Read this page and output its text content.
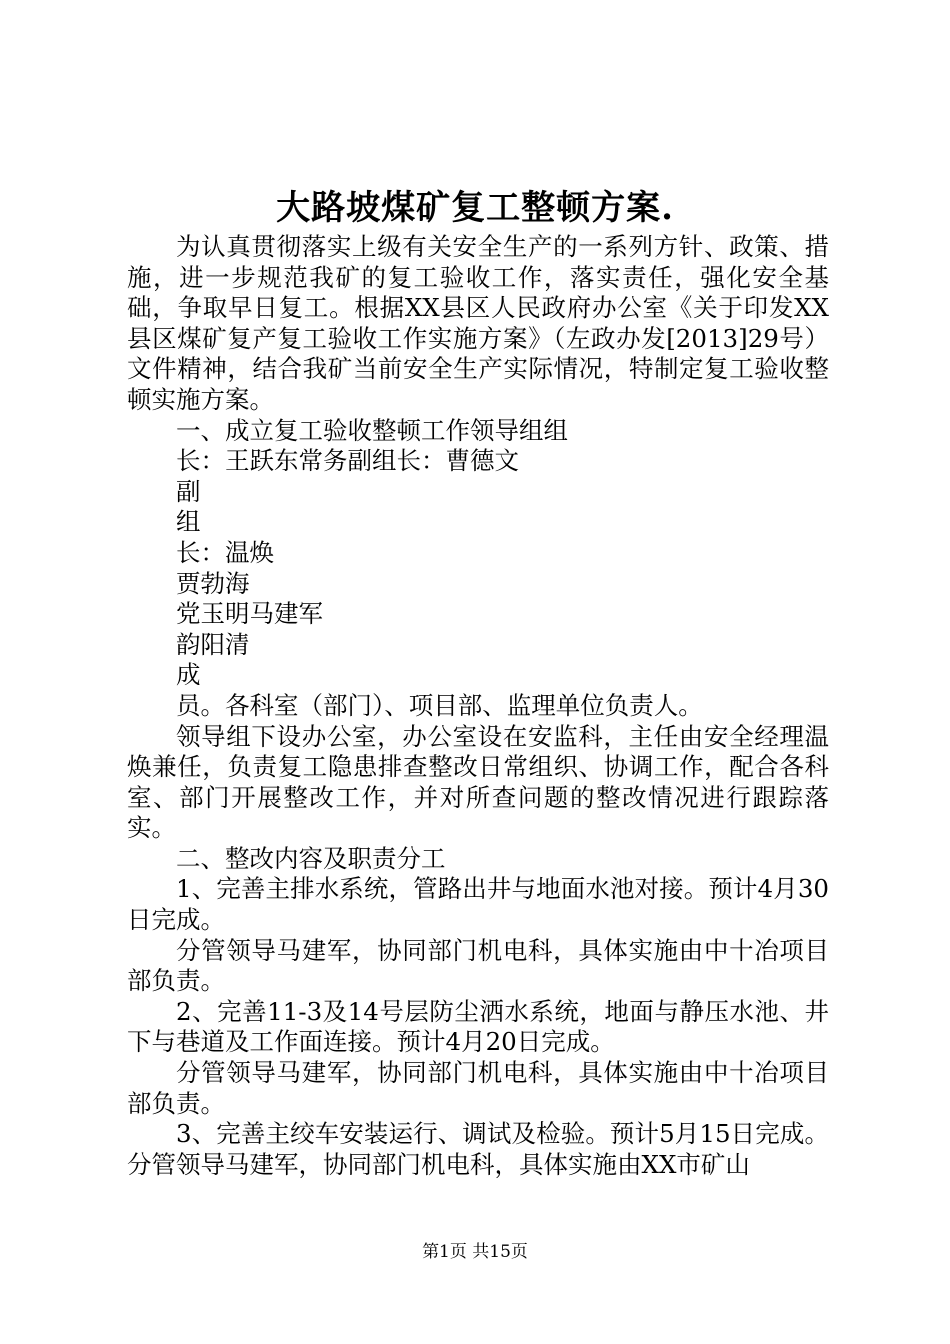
大路坡煤矿复工整顿方案.

为认真贯彻落实上级有关安全生产的一系列方针、政策、措施，进一步规范我矿的复工验收工作，落实责任，强化安全基础，争取早日复工。根据XX县区人民政府办公室《关于印发XX县区煤矿复产复工验收工作实施方案》（左政办发[2013]29号）文件精神，结合我矿当前安全生产实际情况，特制定复工验收整顿实施方案。

一、成立复工验收整顿工作领导组组

长：王跃东常务副组长：曹德文

副

组

长：温焕

贾勃海

党玉明马建军

韵阳清

成

员。各科室（部门）、项目部、监理单位负责人。

领导组下设办公室，办公室设在安监科，主任由安全经理温焕兼任，负责复工隐患排查整改日常组织、协调工作，配合各科室、部门开展整改工作，并对所查问题的整改情况进行跟踪落实。

二、整改内容及职责分工

1、完善主排水系统，管路出井与地面水池对接。预计4月30日完成。

分管领导马建军，协同部门机电科，具体实施由中十冶项目部负责。

2、完善11-3及14号层防尘洒水系统，地面与静压水池、井下与巷道及工作面连接。预计4月20日完成。

分管领导马建军，协同部门机电科，具体实施由中十冶项目部负责。

3、完善主绞车安装运行、调试及检验。预计5月15日完成。分管领导马建军，协同部门机电科，具体实施由XX市矿山

第1页 共15页
